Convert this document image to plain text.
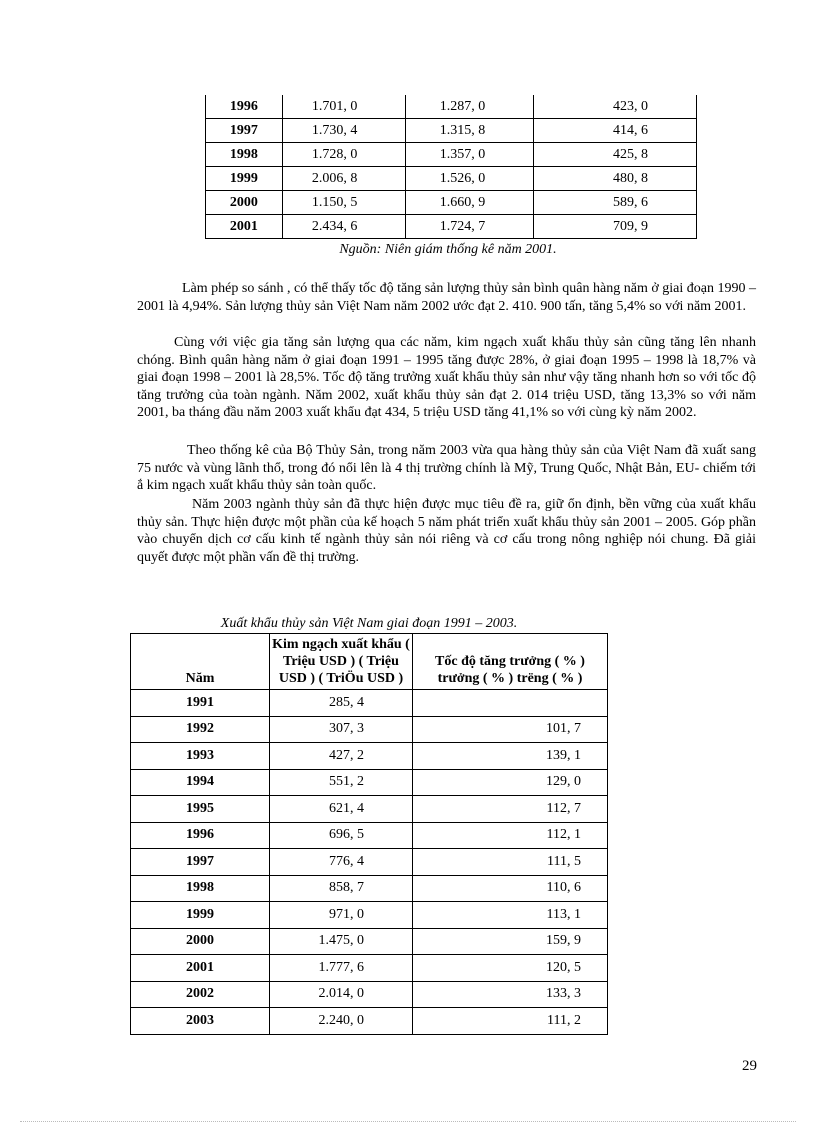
1996	1.701, 0	1.287, 0	423, 0
1997	1.730, 4	1.315, 8	414, 6
1998	1.728, 0	1.357, 0	425, 8
1999	2.006, 8	1.526, 0	480, 8
2000	1.150, 5	1.660, 9	589, 6
2001	2.434, 6	1.724, 7	709, 9
Nguồn: Niên giám thống kê năm 2001.

Làm phép so sánh , có thể thấy tốc độ tăng sản lượng thủy sản bình quân hàng năm ở giai đoạn 1990 – 2001 là 4,94%. Sản lượng thủy sản Việt Nam năm 2002 ước đạt 2. 410. 900 tấn, tăng 5,4% so với năm 2001.

Cùng với việc gia tăng sản lượng qua các năm, kim ngạch xuất khẩu thủy sản cũng tăng lên nhanh chóng. Bình quân hàng năm ở giai đoạn 1991 – 1995 tăng được 28%, ở giai đoạn 1995 – 1998 là 18,7% và giai đoạn 1998 – 2001 là 28,5%. Tốc độ tăng trưởng xuất khẩu thủy sản như vậy tăng nhanh hơn so với tốc độ tăng trưởng của toàn ngành. Năm 2002, xuất khẩu thủy sản đạt 2. 014 triệu USD, tăng 13,3% so với năm 2001, ba tháng đầu năm 2003 xuất khẩu đạt 434, 5 triệu USD tăng 41,1% so với cùng kỳ năm 2002.

Theo thống kê của Bộ Thủy Sản, trong năm 2003 vừa qua hàng thủy sản của Việt Nam đã xuất sang 75 nước và vùng lãnh thổ, trong đó nổi lên là 4 thị trường chính là Mỹ, Trung Quốc, Nhật Bản, EU- chiếm tới ắ kim ngạch xuất khẩu thủy sản toàn quốc.

Năm 2003 ngành thủy sản đã thực hiện được mục tiêu đề ra, giữ ổn định, bền vững của xuất khẩu thủy sản. Thực hiện được một phần của kế hoạch 5 năm phát triển xuất khẩu thủy sản 2001 – 2005. Góp phần vào chuyển dịch cơ cấu kinh tế ngành thủy sản nói riêng và cơ cấu trong nông nghiệp nói chung. Đã giải quyết được một phần vấn đề thị trường.

Xuất khẩu thủy sản Việt Nam giai đoạn 1991 – 2003.
Năm	Kim ngạch xuất khẩu ( Triệu USD ) ( Triệu USD ) ( TriÖu USD )	Tốc độ tăng trưởng ( % ) trưởng ( % ) trëng ( % )
1991	285, 4	
1992	307, 3	101, 7
1993	427, 2	139, 1
1994	551, 2	129, 0
1995	621, 4	112, 7
1996	696, 5	112, 1
1997	776, 4	111, 5
1998	858, 7	110, 6
1999	971, 0	113, 1
2000	1.475, 0	159, 9
2001	1.777, 6	120, 5
2002	2.014, 0	133, 3
2003	2.240, 0	111, 2
29
